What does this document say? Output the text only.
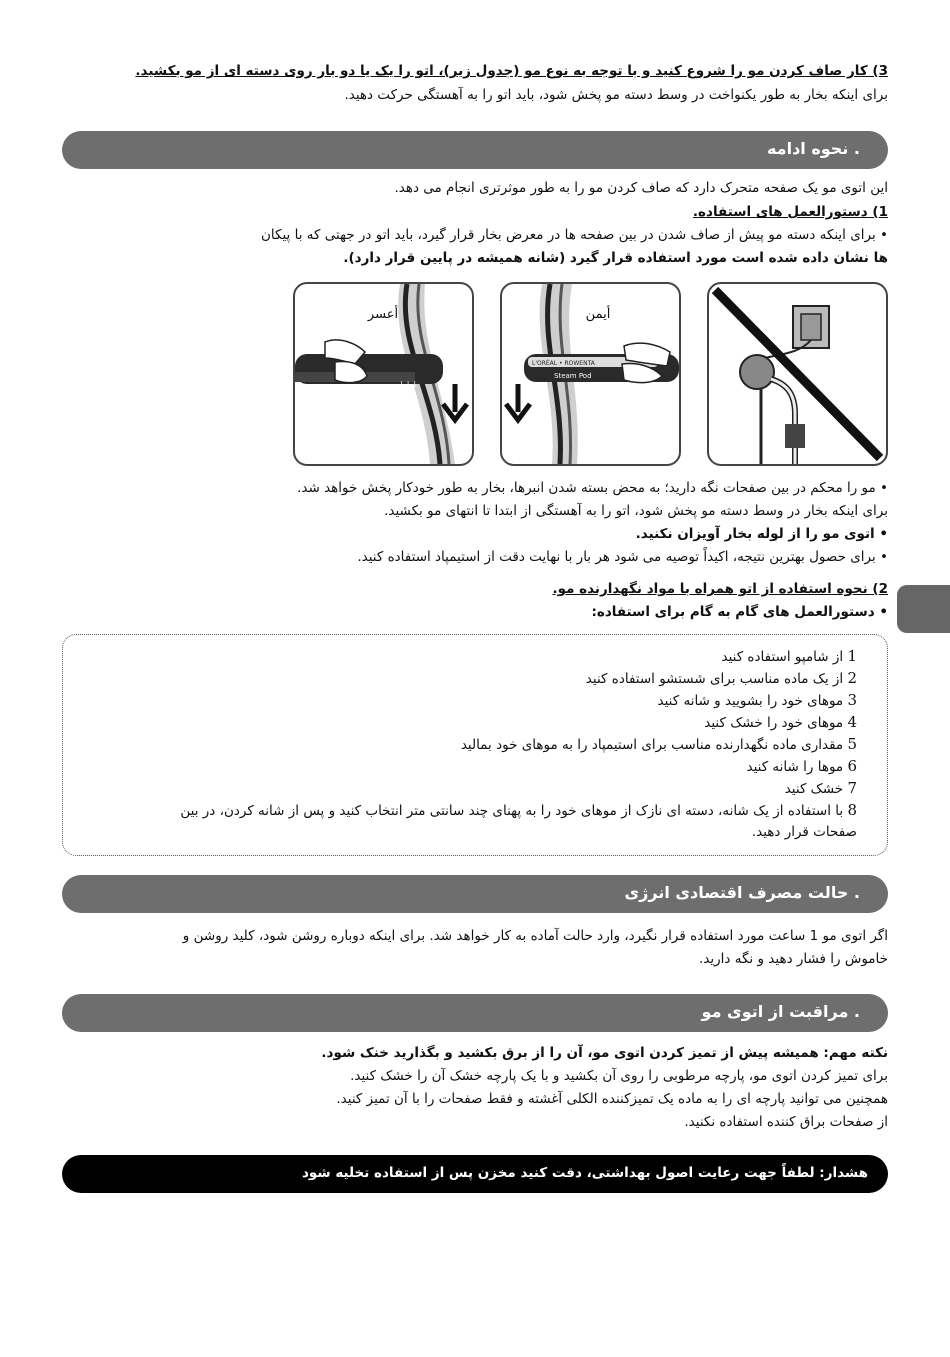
3) کار صاف کردن مو را شروع کنید و با توجه به نوع مو (جدول زیر)، اتو را یک یا دو بار روی دسته ای از مو بکشید.
برای اینکه بخار به طور یکنواخت در وسط دسته مو پخش شود، باید اتو را به آهستگی حرکت دهید.
. نحوه ادامه
این اتوی مو یک صفحه متحرک دارد که صاف کردن مو را به طور موثرتری انجام می دهد.
1) دستورالعمل های استفاده.
• برای اینکه دسته مو پیش از صاف شدن در بین صفحه ها در معرض بخار قرار گیرد، باید اتو در جهتی که با پیکان
ها نشان داده شده است مورد استفاده قرار گیرد (شانه همیشه در پایین قرار دارد).
↓↓↓
أعسر
L'ORÉAL • ROWENTA
Steam Pod
أيمن
• مو را محکم در بین صفحات نگه دارید؛ به محض بسته شدن انبرها، بخار به طور خودکار پخش خواهد شد.
برای اینکه بخار در وسط دسته مو پخش شود، اتو را به آهستگی از ابتدا تا انتهای مو بکشید.
• اتوی مو را از لوله بخار آویزان نکنید.
• برای حصول بهترین نتیجه، اکیداً توصیه می شود هر بار با نهایت دقت از استیمپاد استفاده کنید.
2) نحوه استفاده از اتو همراه با مواد نگهدارنده مو.
• دستورالعمل های گام به گام برای استفاده:
1 از شامپو استفاده کنید
2 از یک ماده مناسب برای شستشو استفاده کنید
3 موهای خود را بشویید و شانه کنید
4 موهای خود را خشک کنید
5 مقداری ماده نگهدارنده مناسب برای استیمپاد را به موهای خود بمالید
6 موها را شانه کنید
7 خشک کنید
8 با استفاده از یک شانه، دسته ای نازک از موهای خود را به پهنای چند سانتی متر انتخاب کنید و پس از شانه کردن، در بین
صفحات قرار دهید.
. حالت مصرف اقتصادی انرژی
اگر اتوی مو 1 ساعت مورد استفاده قرار نگیرد، وارد حالت آماده به کار خواهد شد. برای اینکه دوباره روشن شود، کلید روشن و
خاموش را فشار دهید و نگه دارید.
. مراقبت از اتوی مو
نکته مهم: همیشه پیش از تمیز کردن اتوی مو، آن را از برق بکشید و بگذارید خنک شود.
برای تمیز کردن اتوی مو، پارچه مرطوبی را روی آن بکشید و با یک پارچه خشک آن را خشک کنید.
همچنین می توانید پارچه ای را به ماده یک تمیزکننده الکلی آغشته و فقط صفحات را با آن تمیز کنید.
از صفحات براق کننده استفاده نکنید.
هشدار: لطفاً جهت رعایت اصول بهداشتی، دقت کنید مخزن پس از استفاده تخلیه شود
